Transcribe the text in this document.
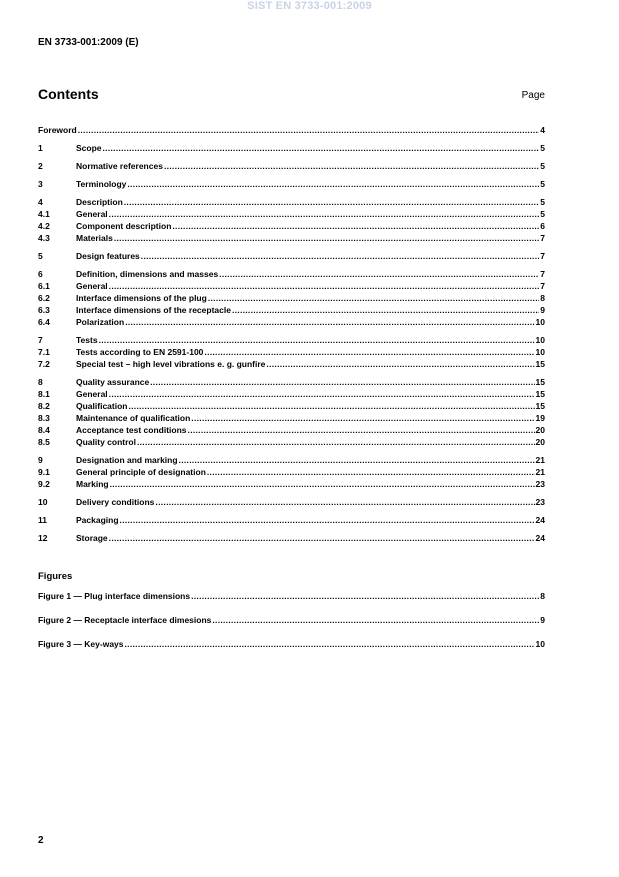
SIST EN 3733-001:2009
EN 3733-001:2009 (E)
Contents	Page
Foreword .....	4
1	Scope .....	5
2	Normative references .....	5
3	Terminology .....	5
4	Description .....	5
4.1	General .....	5
4.2	Component description .....	6
4.3	Materials .....	7
5	Design features .....	7
6	Definition, dimensions and masses .....	7
6.1	General .....	7
6.2	Interface dimensions of the plug .....	8
6.3	Interface dimensions of the receptacle .....	9
6.4	Polarization .....	10
7	Tests .....	10
7.1	Tests according to EN 2591-100 .....	10
7.2	Special test – high level vibrations e. g. gunfire .....	15
8	Quality assurance .....	15
8.1	General .....	15
8.2	Qualification .....	15
8.3	Maintenance of qualification .....	19
8.4	Acceptance test conditions .....	20
8.5	Quality control .....	20
9	Designation and marking .....	21
9.1	General principle of designation .....	21
9.2	Marking .....	23
10	Delivery conditions .....	23
11	Packaging .....	24
12	Storage .....	24
Figures
Figure 1 — Plug interface dimensions .....	8
Figure 2 — Receptacle interface dimesions .....	9
Figure 3 — Key-ways .....	10
2
